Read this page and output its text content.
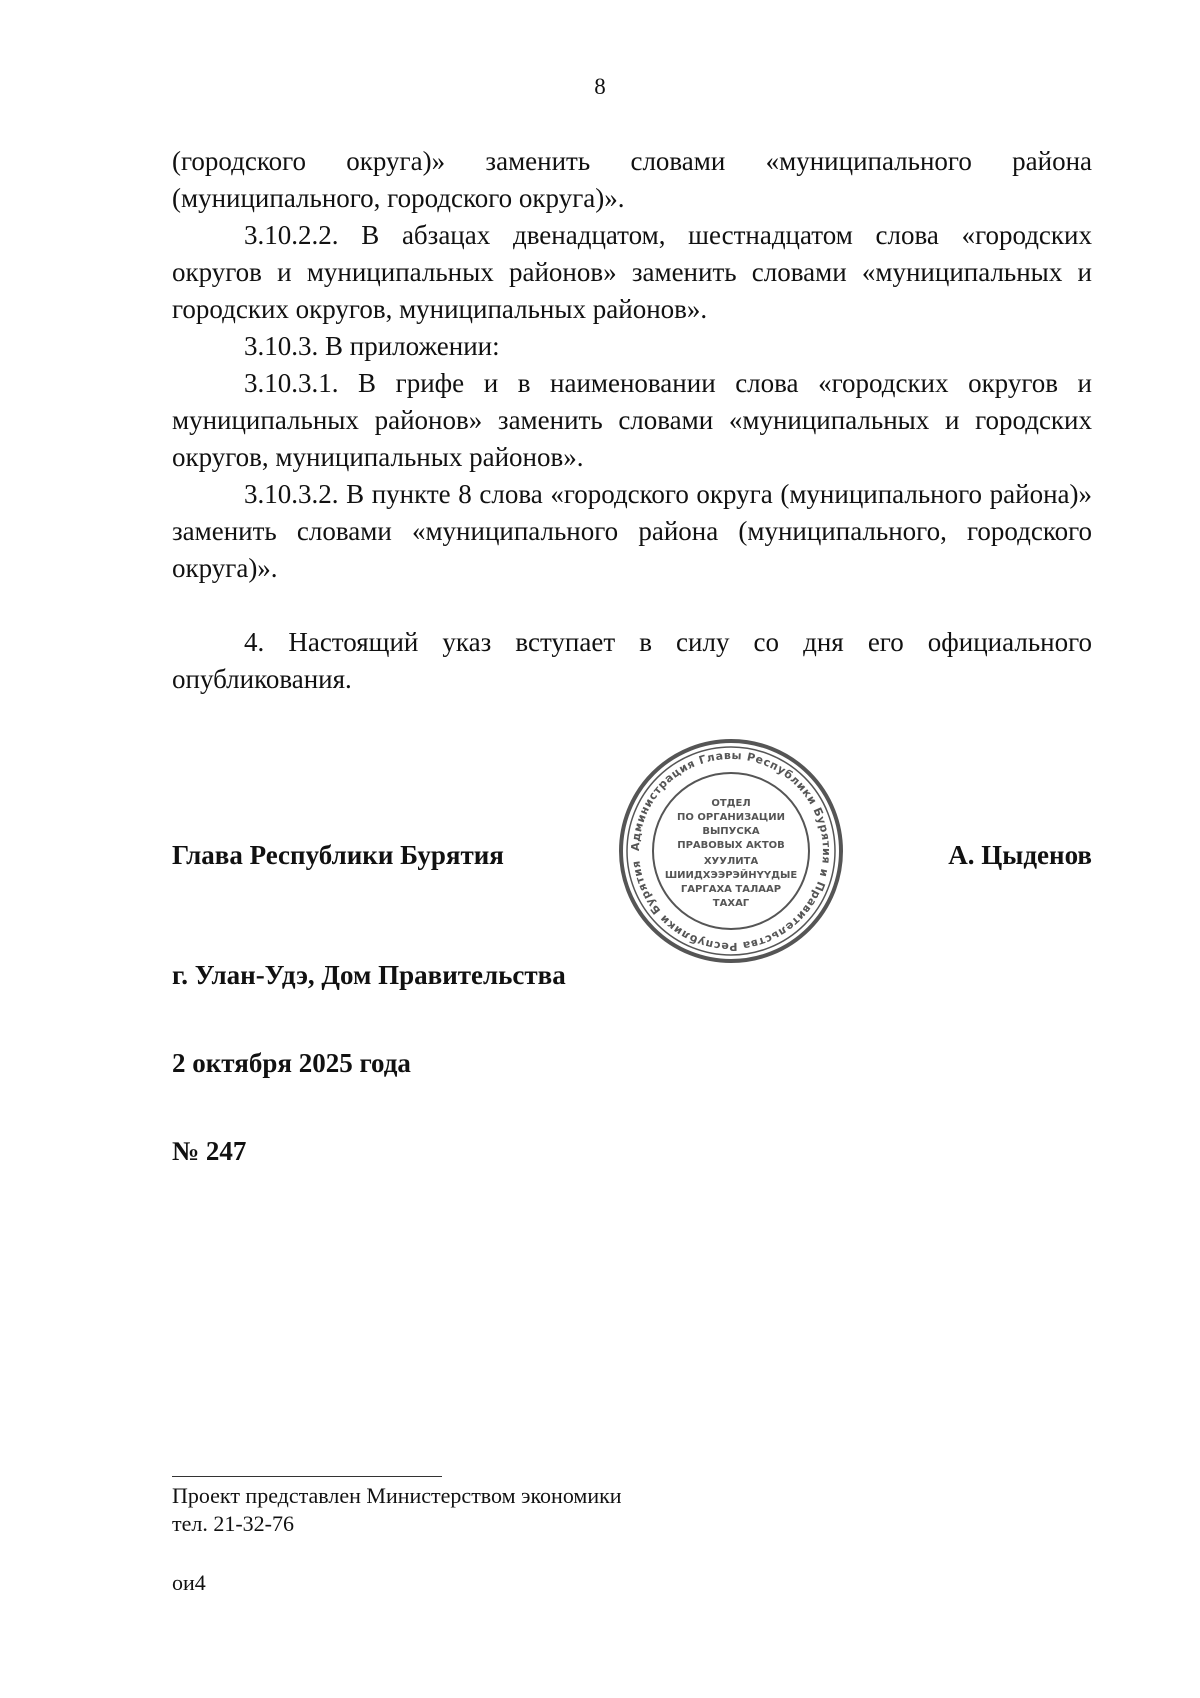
8

(городского округа)» заменить словами «муниципального района (муниципального, городского округа)».

3.10.2.2. В абзацах двенадцатом, шестнадцатом слова «городских округов и муниципальных районов» заменить словами «муниципальных и городских округов, муниципальных районов».

3.10.3. В приложении:

3.10.3.1. В грифе и в наименовании слова «городских округов и муниципальных районов» заменить словами «муниципальных и городских округов, муниципальных районов».

3.10.3.2. В пункте 8 слова «городского округа (муниципального района)» заменить словами «муниципального района (муниципального, городского округа)».

4. Настоящий указ вступает в силу со дня его официального опубликования.

Глава Республики Бурятия	А. Цыденов
Администрация Главы Республики Бурятия и Правительства Республики Бурятия
ОТДЕЛ
ПО ОРГАНИЗАЦИИ
ВЫПУСКА
ПРАВОВЫХ АКТОВ
ХУУЛИТА
ШИИДХЭЭРЭЙНҮҮДЫЕ
ГАРГАХА ТАЛААР
ТАХАГ
г. Улан-Удэ, Дом Правительства
2 октября 2025 года
№ 247
Проект представлен Министерством экономики
тел. 21-32-76
ои4
